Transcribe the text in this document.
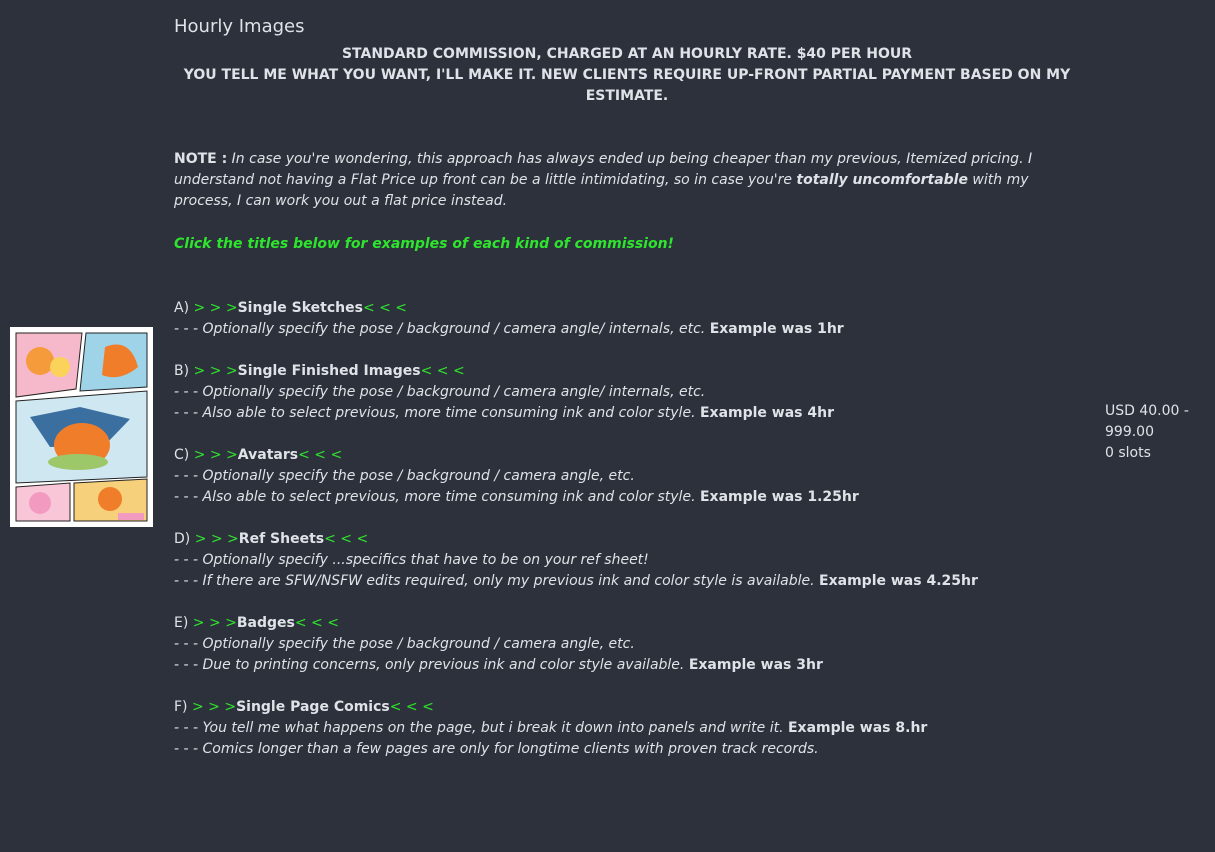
Hourly Images
STANDARD COMMISSION, CHARGED AT AN HOURLY RATE. $40 PER HOUR
YOU TELL ME WHAT YOU WANT, I'LL MAKE IT. NEW CLIENTS REQUIRE UP-FRONT PARTIAL PAYMENT BASED ON MY ESTIMATE.
NOTE : In case you're wondering, this approach has always ended up being cheaper than my previous, Itemized pricing. I understand not having a Flat Price up front can be a little intimidating, so in case you're totally uncomfortable with my process, I can work you out a flat price instead.
Click the titles below for examples of each kind of commission!
A) > > >Single Sketches< < <
- - - Optionally specify the pose / background / camera angle/ internals, etc. Example was 1hr
B) > > >Single Finished Images< < <
- - - Optionally specify the pose / background / camera angle/ internals, etc.
- - - Also able to select previous, more time consuming ink and color style. Example was 4hr
C) > > >Avatars< < <
- - - Optionally specify the pose / background / camera angle, etc.
- - - Also able to select previous, more time consuming ink and color style. Example was 1.25hr
D) > > >Ref Sheets< < <
- - - Optionally specify ...specifics that have to be on your ref sheet!
- - - If there are SFW/NSFW edits required, only my previous ink and color style is available. Example was 4.25hr
E) > > >Badges< < <
- - - Optionally specify the pose / background / camera angle, etc.
- - - Due to printing concerns, only previous ink and color style available. Example was 3hr
F) > > >Single Page Comics< < <
- - - You tell me what happens on the page, but i break it down into panels and write it. Example was 8.hr
- - - Comics longer than a few pages are only for longtime clients with proven track records.
USD 40.00 -
999.00
0 slots
